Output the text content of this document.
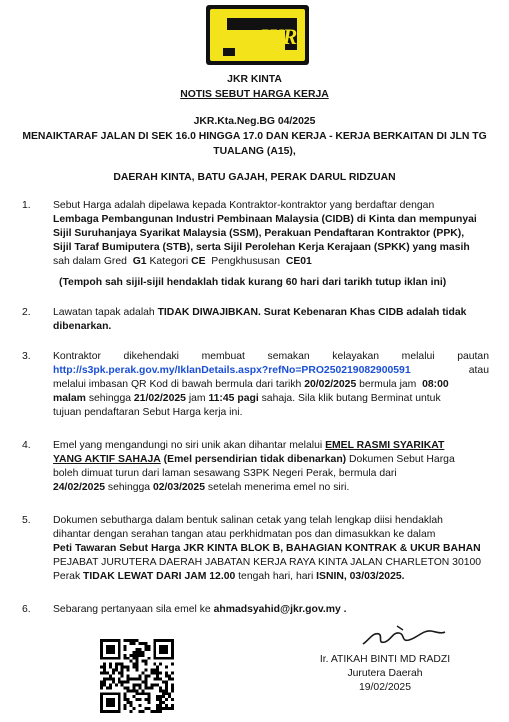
JKR
JKR KINTA
NOTIS SEBUT HARGA KERJA
JKR.Kta.Neg.BG 04/2025
MENAIKTARAF JALAN DI SEK 16.0 HINGGA 17.0 DAN KERJA - KERJA BERKAITAN DI JLN TG
TUALANG (A15),
DAERAH KINTA, BATU GAJAH, PERAK DARUL RIDZUAN
1. Sebut Harga adalah dipelawa kepada Kontraktor-kontraktor yang berdaftar dengan
Lembaga Pembangunan Industri Pembinaan Malaysia (CIDB) di Kinta dan mempunyai
Sijil Suruhanjaya Syarikat Malaysia (SSM), Perakuan Pendaftaran Kontraktor (PPK),
Sijil Taraf Bumiputera (STB), serta Sijil Perolehan Kerja Kerajaan (SPKK) yang masih
sah dalam Gred G1 Kategori CE Pengkhususan CE01
(Tempoh sah sijil-sijil hendaklah tidak kurang 60 hari dari tarikh tutup iklan ini)
2. Lawatan tapak adalah TIDAK DIWAJIBKAN. Surat Kebenaran Khas CIDB adalah tidak
dibenarkan.
3. Kontraktor dikehendaki membuat semakan kelayakan melalui pautan
http://s3pk.perak.gov.my/IklanDetails.aspx?refNo=PRO250219082900591	atau
melalui imbasan QR Kod di bawah bermula dari tarikh 20/02/2025 bermula jam 08:00
malam sehingga 21/02/2025 jam 11:45 pagi sahaja. Sila klik butang Berminat untuk
tujuan pendaftaran Sebut Harga kerja ini.
4. Emel yang mengandungi no siri unik akan dihantar melalui EMEL RASMI SYARIKAT
YANG AKTIF SAHAJA (Emel persendirian tidak dibenarkan) Dokumen Sebut Harga
boleh dimuat turun dari laman sesawang S3PK Negeri Perak, bermula dari
24/02/2025 sehingga 02/03/2025 setelah menerima emel no siri.
5. Dokumen sebutharga dalam bentuk salinan cetak yang telah lengkap diisi hendaklah
dihantar dengan serahan tangan atau perkhidmatan pos dan dimasukkan ke dalam
Peti Tawaran Sebut Harga JKR KINTA BLOK B, BAHAGIAN KONTRAK & UKUR BAHAN
PEJABAT JURUTERA DAERAH JABATAN KERJA RAYA KINTA JALAN CHARLETON 30100
Perak TIDAK LEWAT DARI JAM 12.00 tengah hari, hari ISNIN, 03/03/2025.
6. Sebarang pertanyaan sila emel ke ahmadsyahid@jkr.gov.my .
Ir. ATIKAH BINTI MD RADZI
Jurutera Daerah
19/02/2025
